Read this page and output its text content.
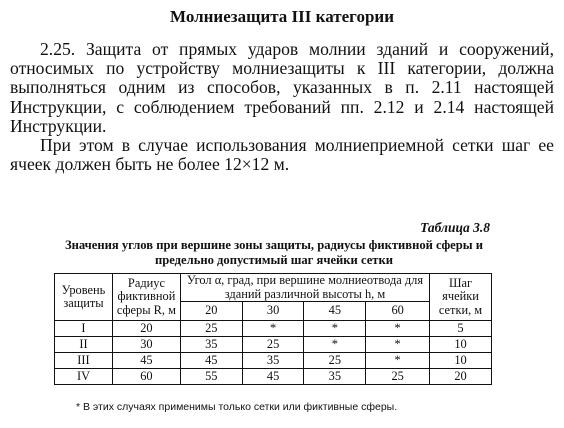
Молниезащита III категории

2.25. Защита от прямых ударов молнии зданий и сооружений, относимых по устройству молниезащиты к III категории, должна выполняться одним из способов, указанных в п. 2.11 настоящей Инструкции, с соблюдением требований пп. 2.12 и 2.14 настоящей Инструкции.

При этом в случае использования молниеприемной сетки шаг ее ячеек должен быть не более 12×12 м.

Таблица 3.8
Значения углов при вершине зоны защиты, радиусы фиктивной сферы и предельно допустимый шаг ячейки сетки
Уровень защиты	Радиус фиктивной сферы R, м	Угол α, град, при вершине молниеотвода для зданий различной высоты h, м				Шаг ячейки сетки, м
		20	30	45	60	
I	20	25	*	*	*	5
II	30	35	25	*	*	10
III	45	45	35	25	*	10
IV	60	55	45	35	25	20
* В этих случаях применимы только сетки или фиктивные сферы.
